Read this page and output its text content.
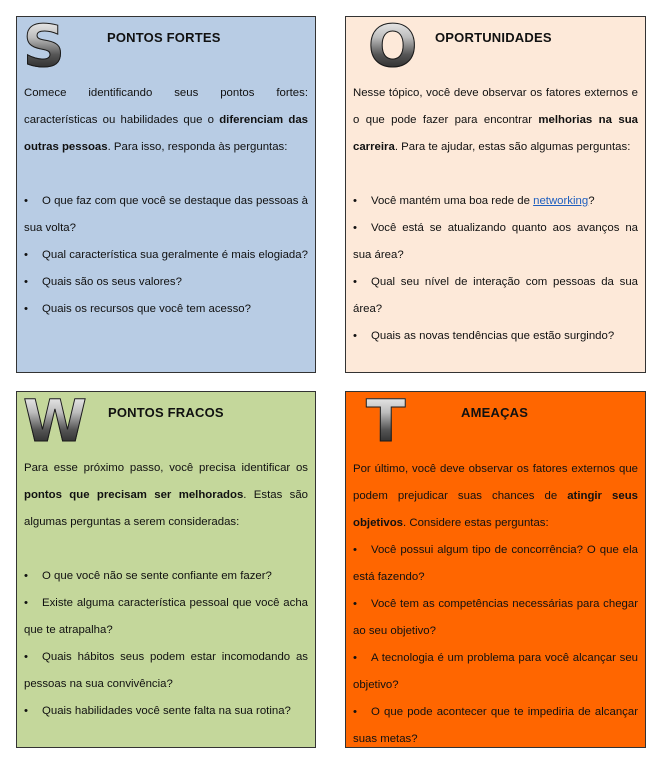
S	PONTOS FORTES

Comece identificando seus pontos fortes: características ou habilidades que o diferenciam das outras pessoas. Para isso, responda às perguntas:

• O que faz com que você se destaque das pessoas à sua volta?
• Qual característica sua geralmente é mais elogiada?
• Quais são os seus valores?
• Quais os recursos que você tem acesso?
O OPORTUNIDADES

Nesse tópico, você deve observar os fatores externos e o que pode fazer para encontrar melhorias na sua carreira. Para te ajudar, estas são algumas perguntas:

• Você mantém uma boa rede de networking?
• Você está se atualizando quanto aos avanços na sua área?
• Qual seu nível de interação com pessoas da sua área?
• Quais as novas tendências que estão surgindo?
W PONTOS FRACOS

Para esse próximo passo, você precisa identificar os pontos que precisam ser melhorados. Estas são algumas perguntas a serem consideradas:

• O que você não se sente confiante em fazer?
• Existe alguma característica pessoal que você acha que te atrapalha?
• Quais hábitos seus podem estar incomodando as pessoas na sua convivência?
• Quais habilidades você sente falta na sua rotina?
T	AMEAÇAS

Por último, você deve observar os fatores externos que podem prejudicar suas chances de atingir seus objetivos. Considere estas perguntas:

• Você possui algum tipo de concorrência? O que ela está fazendo?
• Você tem as competências necessárias para chegar ao seu objetivo?
• A tecnologia é um problema para você alcançar seu objetivo?
• O que pode acontecer que te impediria de alcançar suas metas?
